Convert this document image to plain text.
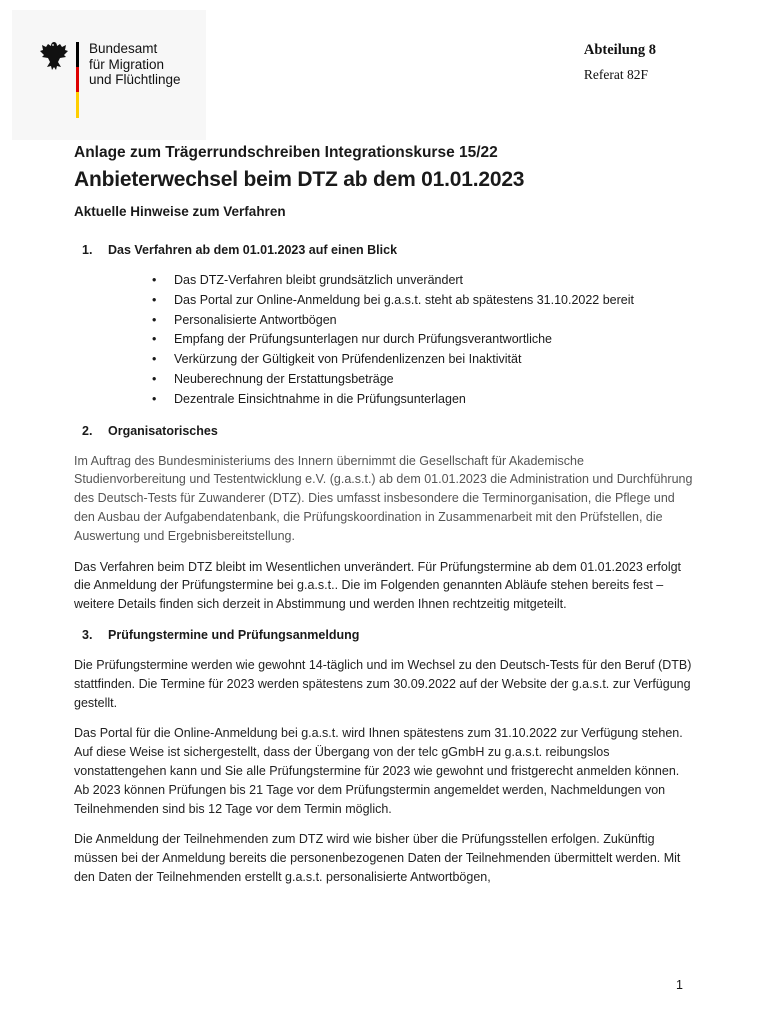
Bundesamt
für Migration
und Flüchtlinge
Abteilung 8
Referat 82F
Anlage zum Trägerrundschreiben Integrationskurse 15/22
Anbieterwechsel beim DTZ ab dem 01.01.2023
Aktuelle Hinweise zum Verfahren
1.	Das Verfahren ab dem 01.01.2023 auf einen Blick
•	Das DTZ-Verfahren bleibt grundsätzlich unverändert
•	Das Portal zur Online-Anmeldung bei g.a.s.t. steht ab spätestens 31.10.2022 bereit
•	Personalisierte Antwortbögen
•	Empfang der Prüfungsunterlagen nur durch Prüfungsverantwortliche
•	Verkürzung der Gültigkeit von Prüfendenlizenzen bei Inaktivität
•	Neuberechnung der Erstattungsbeträge
•	Dezentrale Einsichtnahme in die Prüfungsunterlagen
2.	Organisatorisches

Im Auftrag des Bundesministeriums des Innern übernimmt die Gesellschaft für Akademische Studienvorbereitung und Testentwicklung e.V. (g.a.s.t.) ab dem 01.01.2023 die Administration und Durchführung des Deutsch-Tests für Zuwanderer (DTZ). Dies umfasst insbesondere die Terminorganisation, die Pflege und den Ausbau der Aufgabendatenbank, die Prüfungskoordination in Zusammenarbeit mit den Prüfstellen, die Auswertung und Ergebnisbereitstellung.

Das Verfahren beim DTZ bleibt im Wesentlichen unverändert. Für Prüfungstermine ab dem 01.01.2023 erfolgt die Anmeldung der Prüfungstermine bei g.a.s.t.. Die im Folgenden genannten Abläufe stehen bereits fest – weitere Details finden sich derzeit in Abstimmung und werden Ihnen rechtzeitig mitgeteilt.

3.	Prüfungstermine und Prüfungsanmeldung

Die Prüfungstermine werden wie gewohnt 14-täglich und im Wechsel zu den Deutsch-Tests für den Beruf (DTB) stattfinden. Die Termine für 2023 werden spätestens zum 30.09.2022 auf der Website der g.a.s.t. zur Verfügung gestellt.

Das Portal für die Online-Anmeldung bei g.a.s.t. wird Ihnen spätestens zum 31.10.2022 zur Verfügung stehen. Auf diese Weise ist sichergestellt, dass der Übergang von der telc gGmbH zu g.a.s.t. reibungslos vonstattengehen kann und Sie alle Prüfungstermine für 2023 wie gewohnt und fristgerecht anmelden können. Ab 2023 können Prüfungen bis 21 Tage vor dem Prüfungstermin angemeldet werden, Nachmeldungen von Teilnehmenden sind bis 12 Tage vor dem Termin möglich.

Die Anmeldung der Teilnehmenden zum DTZ wird wie bisher über die Prüfungsstellen erfolgen. Zukünftig müssen bei der Anmeldung bereits die personenbezogenen Daten der Teilnehmenden übermittelt werden. Mit den Daten der Teilnehmenden erstellt g.a.s.t. personalisierte Antwortbögen,

1
